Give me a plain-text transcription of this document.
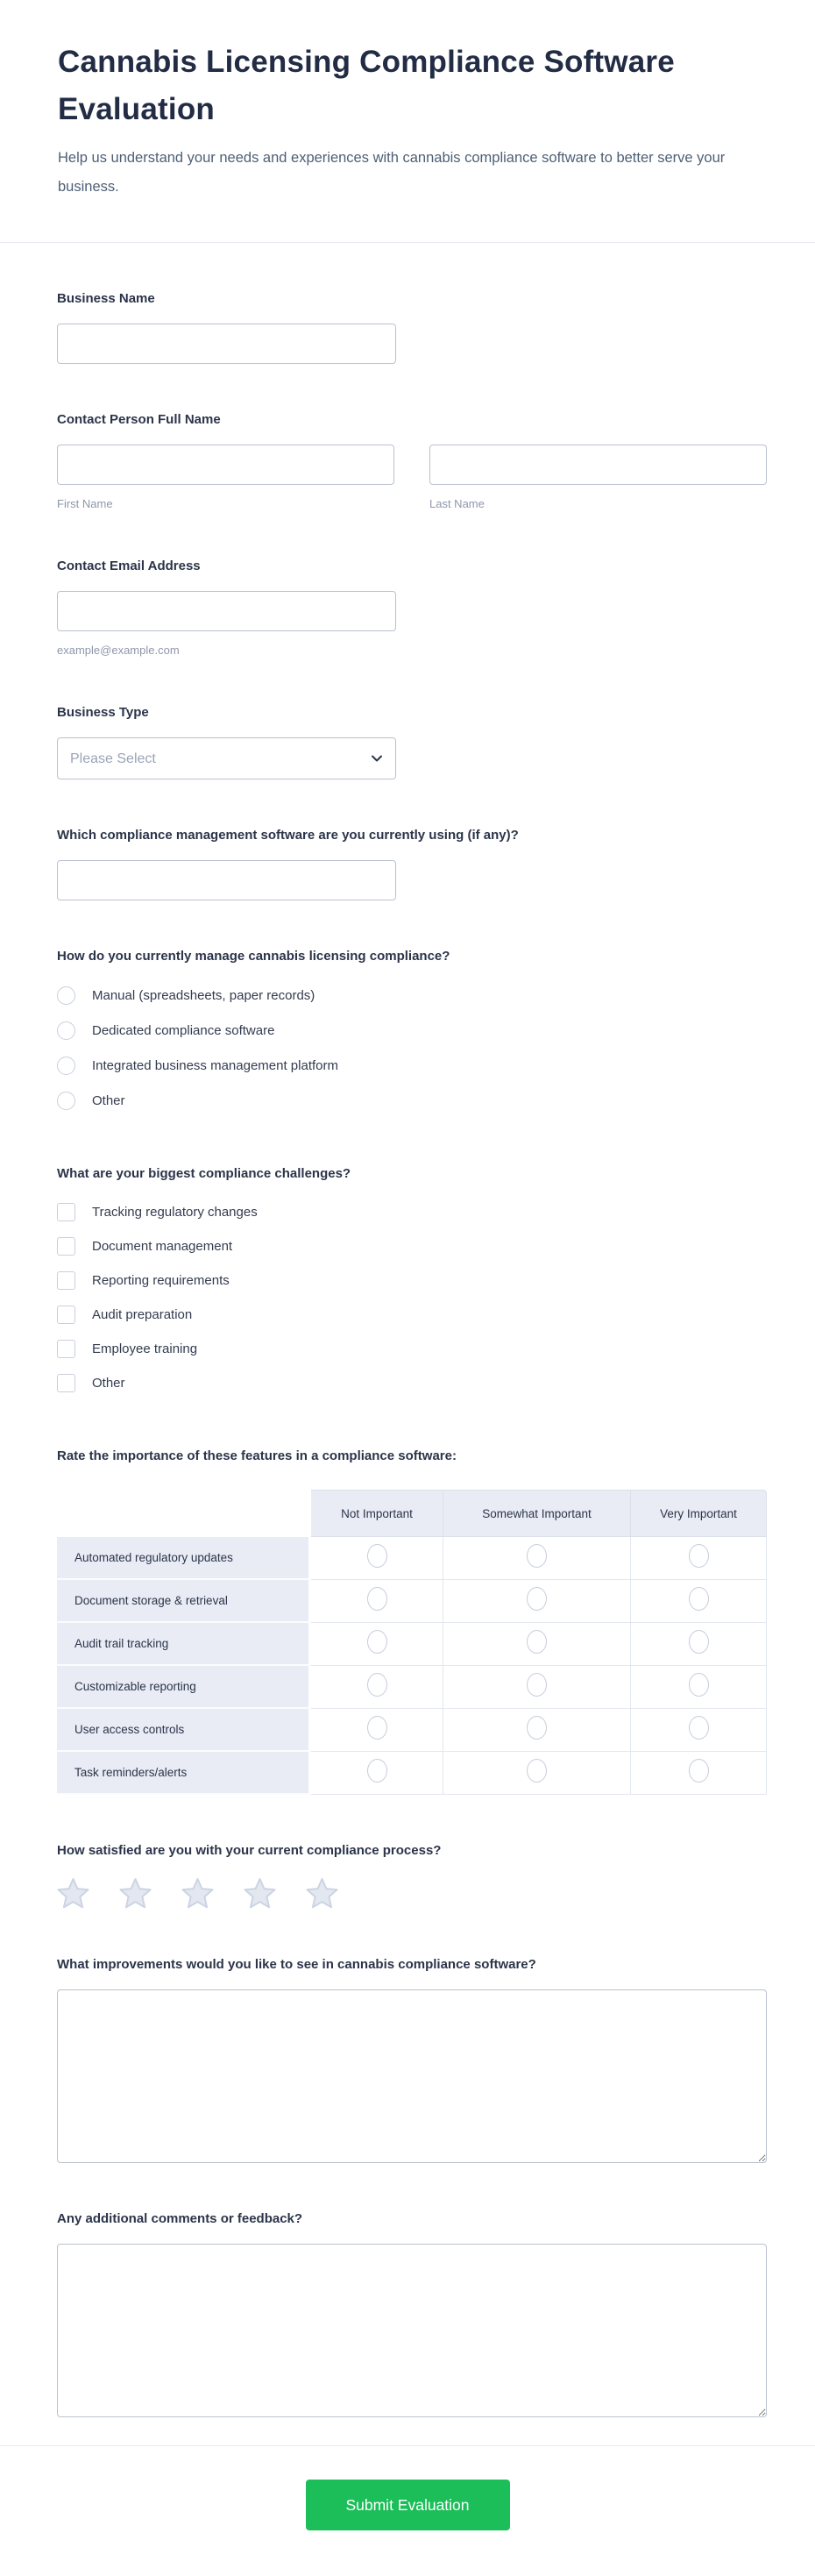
Cannabis Licensing Compliance Software Evaluation
Help us understand your needs and experiences with cannabis compliance software to better serve your business.
Business Name
Contact Person Full Name
First Name	Last Name
Contact Email Address
example@example.com
Business Type
Please Select
Which compliance management software are you currently using (if any)?
How do you currently manage cannabis licensing compliance?
Manual (spreadsheets, paper records)
Dedicated compliance software
Integrated business management platform
Other
What are your biggest compliance challenges?
Tracking regulatory changes
Document management
Reporting requirements
Audit preparation
Employee training
Other
Rate the importance of these features in a compliance software:
	Not Important	Somewhat Important	Very Important
Automated regulatory updates			
Document storage & retrieval			
Audit trail tracking			
Customizable reporting			
User access controls			
Task reminders/alerts			
How satisfied are you with your current compliance process?
What improvements would you like to see in cannabis compliance software?
Any additional comments or feedback?
Submit Evaluation
